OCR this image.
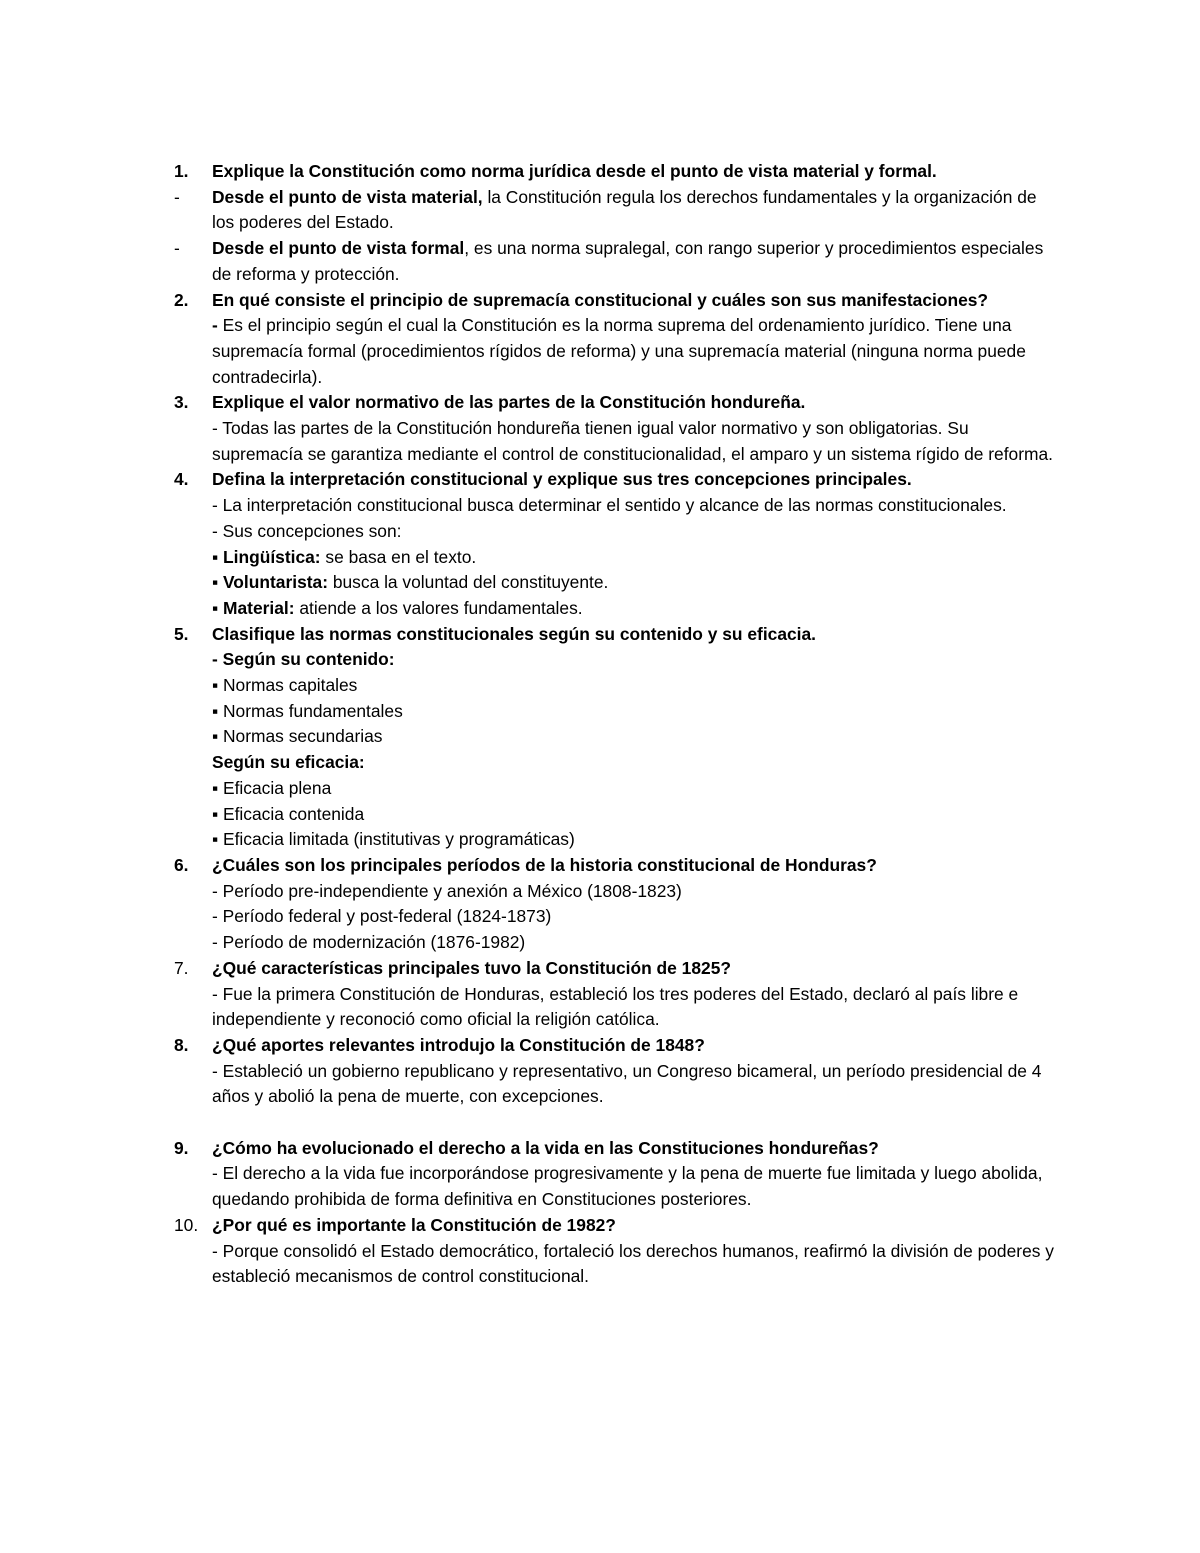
1. Explique la Constitución como norma jurídica desde el punto de vista material y formal.
- Desde el punto de vista material, la Constitución regula los derechos fundamentales y la organización de los poderes del Estado.
- Desde el punto de vista formal, es una norma supralegal, con rango superior y procedimientos especiales de reforma y protección.
2. En qué consiste el principio de supremacía constitucional y cuáles son sus manifestaciones?
- Es el principio según el cual la Constitución es la norma suprema del ordenamiento jurídico. Tiene una supremacía formal (procedimientos rígidos de reforma) y una supremacía material (ninguna norma puede contradecirla).
3. Explique el valor normativo de las partes de la Constitución hondureña.
- Todas las partes de la Constitución hondureña tienen igual valor normativo y son obligatorias. Su supremacía se garantiza mediante el control de constitucionalidad, el amparo y un sistema rígido de reforma.
4. Defina la interpretación constitucional y explique sus tres concepciones principales.
- La interpretación constitucional busca determinar el sentido y alcance de las normas constitucionales.
- Sus concepciones son:
▪ Lingüística: se basa en el texto.
▪ Voluntarista: busca la voluntad del constituyente.
▪ Material: atiende a los valores fundamentales.
5. Clasifique las normas constitucionales según su contenido y su eficacia.
- Según su contenido:
▪ Normas capitales
▪ Normas fundamentales
▪ Normas secundarias
Según su eficacia:
▪ Eficacia plena
▪ Eficacia contenida
▪ Eficacia limitada (institutivas y programáticas)
6. ¿Cuáles son los principales períodos de la historia constitucional de Honduras?
- Período pre-independiente y anexión a México (1808-1823)
- Período federal y post-federal (1824-1873)
- Período de modernización (1876-1982)
7. ¿Qué características principales tuvo la Constitución de 1825?
- Fue la primera Constitución de Honduras, estableció los tres poderes del Estado, declaró al país libre e independiente y reconoció como oficial la religión católica.
8. ¿Qué aportes relevantes introdujo la Constitución de 1848?
- Estableció un gobierno republicano y representativo, un Congreso bicameral, un período presidencial de 4 años y abolió la pena de muerte, con excepciones.
9. ¿Cómo ha evolucionado el derecho a la vida en las Constituciones hondureñas?
- El derecho a la vida fue incorporándose progresivamente y la pena de muerte fue limitada y luego abolida, quedando prohibida de forma definitiva en Constituciones posteriores.
10. ¿Por qué es importante la Constitución de 1982?
- Porque consolidó el Estado democrático, fortaleció los derechos humanos, reafirmó la división de poderes y estableció mecanismos de control constitucional.
